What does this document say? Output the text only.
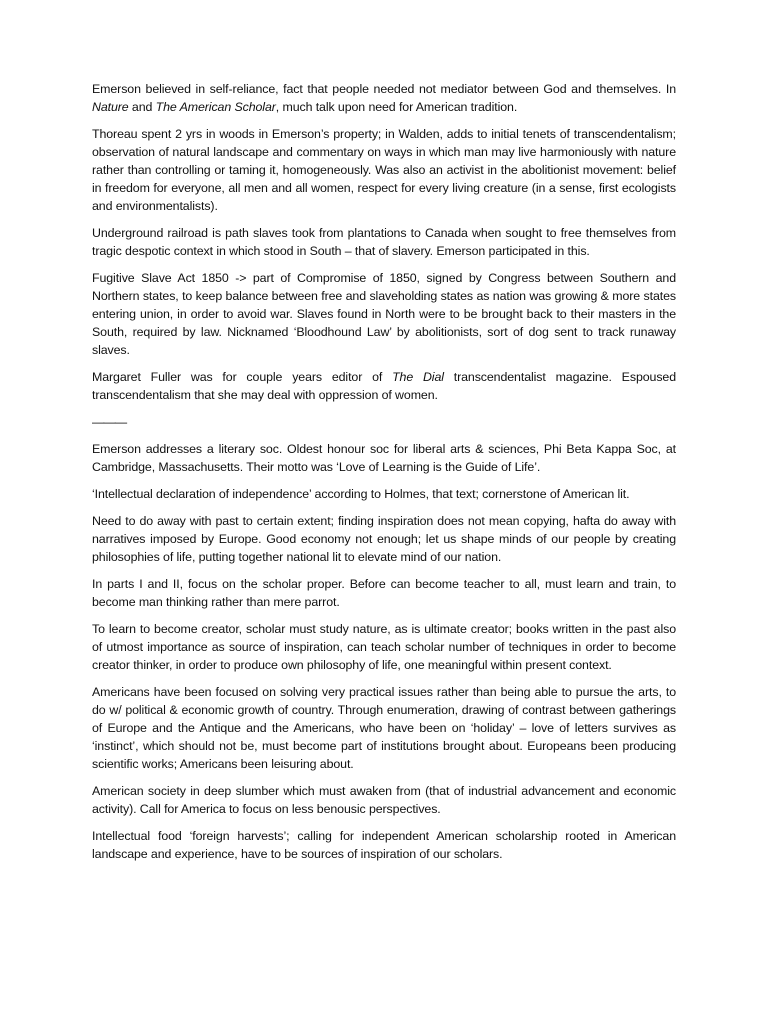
Emerson believed in self-reliance, fact that people needed not mediator between God and themselves. In Nature and The American Scholar, much talk upon need for American tradition.

Thoreau spent 2 yrs in woods in Emerson’s property; in Walden, adds to initial tenets of transcendentalism; observation of natural landscape and commentary on ways in which man may live harmoniously with nature rather than controlling or taming it, homogeneously. Was also an activist in the abolitionist movement: belief in freedom for everyone, all men and all women, respect for every living creature (in a sense, first ecologists and environmentalists).

Underground railroad is path slaves took from plantations to Canada when sought to free themselves from tragic despotic context in which stood in South – that of slavery. Emerson participated in this.

Fugitive Slave Act 1850 -> part of Compromise of 1850, signed by Congress between Southern and Northern states, to keep balance between free and slaveholding states as nation was growing & more states entering union, in order to avoid war. Slaves found in North were to be brought back to their masters in the South, required by law. Nicknamed ‘Bloodhound Law’ by abolitionists, sort of dog sent to track runaway slaves.

Margaret Fuller was for couple years editor of The Dial transcendentalist magazine. Espoused transcendentalism that she may deal with oppression of women.

———

Emerson addresses a literary soc. Oldest honour soc for liberal arts & sciences, Phi Beta Kappa Soc, at Cambridge, Massachusetts. Their motto was ‘Love of Learning is the Guide of Life’.

‘Intellectual declaration of independence’ according to Holmes, that text; cornerstone of American lit.

Need to do away with past to certain extent; finding inspiration does not mean copying, hafta do away with narratives imposed by Europe. Good economy not enough; let us shape minds of our people by creating philosophies of life, putting together national lit to elevate mind of our nation.

In parts I and II, focus on the scholar proper. Before can become teacher to all, must learn and train, to become man thinking rather than mere parrot.

To learn to become creator, scholar must study nature, as is ultimate creator; books written in the past also of utmost importance as source of inspiration, can teach scholar number of techniques in order to become creator thinker, in order to produce own philosophy of life, one meaningful within present context.

Americans have been focused on solving very practical issues rather than being able to pursue the arts, to do w/ political & economic growth of country. Through enumeration, drawing of contrast between gatherings of Europe and the Antique and the Americans, who have been on ‘holiday’ – love of letters survives as ‘instinct’, which should not be, must become part of institutions brought about. Europeans been producing scientific works; Americans been leisuring about.

American society in deep slumber which must awaken from (that of industrial advancement and economic activity). Call for America to focus on less benousic perspectives.

Intellectual food ‘foreign harvests’; calling for independent American scholarship rooted in American landscape and experience, have to be sources of inspiration of our scholars.
